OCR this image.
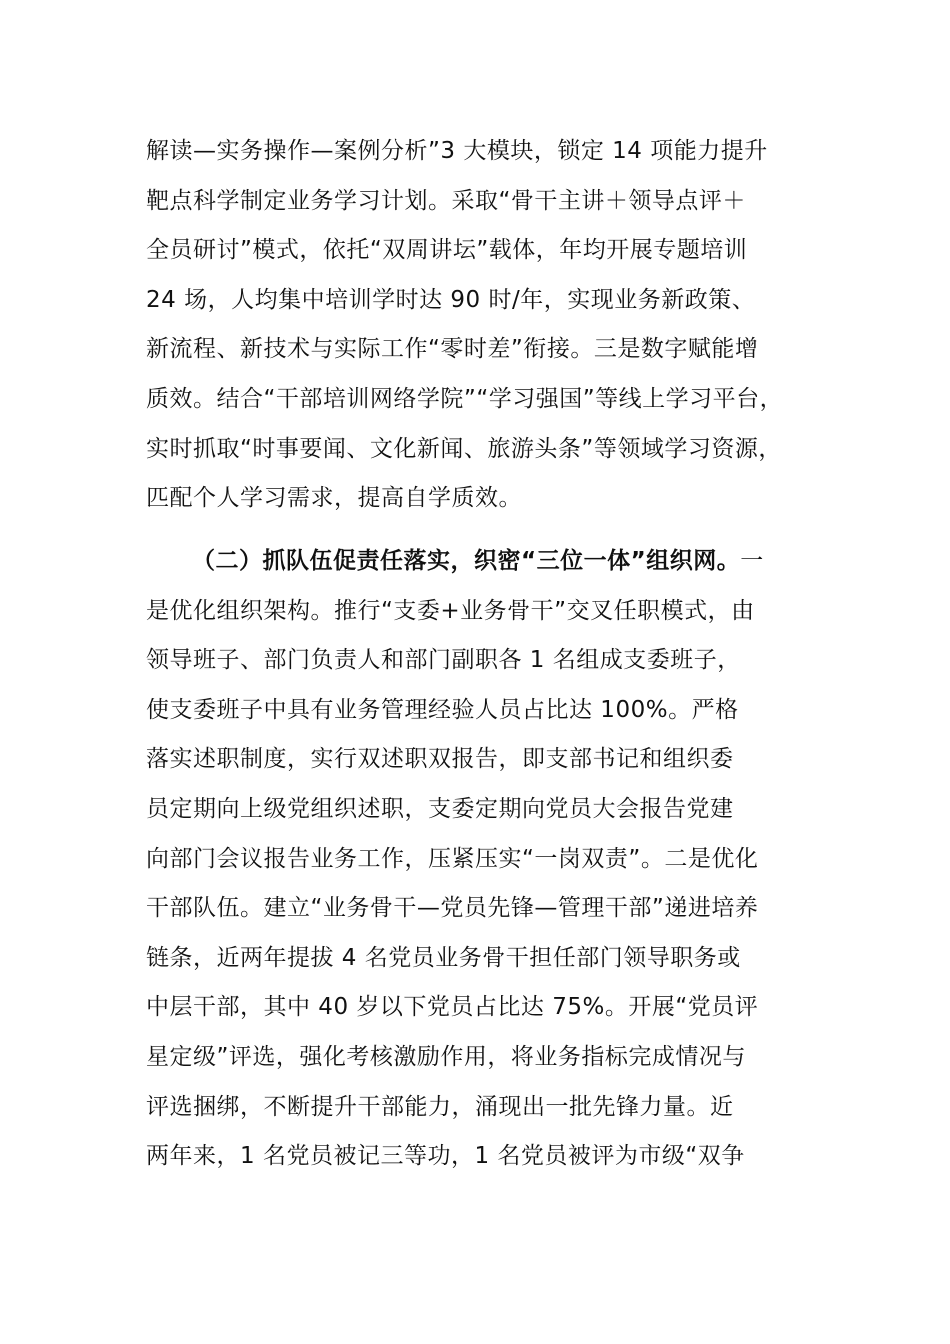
解读—实务操作—案例分析”3 大模块，锁定 14 项能力提升
靶点科学制定业务学习计划。采取“骨干主讲＋领导点评＋
全员研讨”模式，依托“双周讲坛”载体，年均开展专题培训
24 场，人均集中培训学时达 90 时/年，实现业务新政策、
新流程、新技术与实际工作“零时差”衔接。三是数字赋能增
质效。结合“干部培训网络学院”“学习强国”等线上学习平台，
实时抓取“时事要闻、文化新闻、旅游头条”等领域学习资源，
匹配个人学习需求，提高自学质效。
（二）抓队伍促责任落实，织密“三位一体”组织网。一
是优化组织架构。推行“支委+业务骨干”交叉任职模式，由
领导班子、部门负责人和部门副职各 1 名组成支委班子，
使支委班子中具有业务管理经验人员占比达 100%。严格
落实述职制度，实行双述职双报告，即支部书记和组织委
员定期向上级党组织述职，支委定期向党员大会报告党建
向部门会议报告业务工作，压紧压实“一岗双责”。二是优化
干部队伍。建立“业务骨干—党员先锋—管理干部”递进培养
链条，近两年提拔 4 名党员业务骨干担任部门领导职务或
中层干部，其中 40 岁以下党员占比达 75%。开展“党员评
星定级”评选，强化考核激励作用，将业务指标完成情况与
评选捆绑，不断提升干部能力，涌现出一批先锋力量。近
两年来，1 名党员被记三等功，1 名党员被评为市级“双争
